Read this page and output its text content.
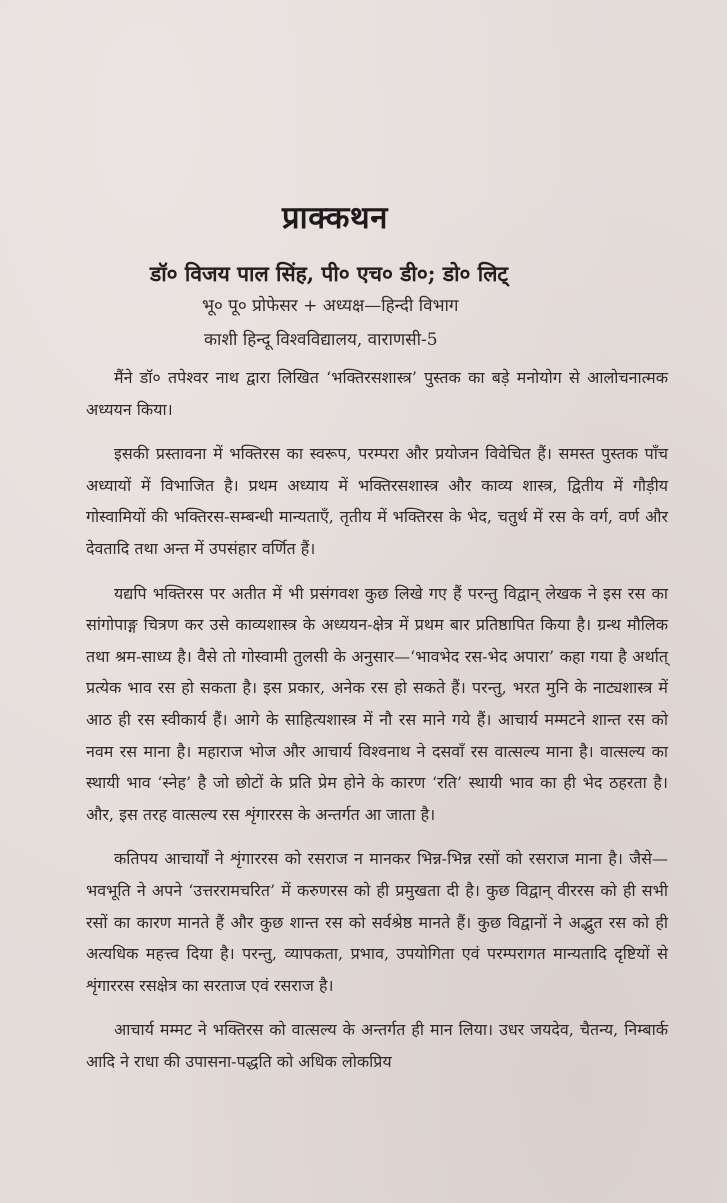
प्राक्कथन
डॉ० विजय पाल सिंह, पी० एच० डी०; डो० लिट्
भू० पू० प्रोफेसर + अध्यक्ष—हिन्दी विभाग
काशी हिन्दू विश्वविद्यालय, वाराणसी-5

मैंने डॉ० तपेश्वर नाथ द्वारा लिखित ‘भक्तिरसशास्त्र’ पुस्तक का बड़े मनोयोग से आलोचनात्मक अध्ययन किया।

इसकी प्रस्तावना में भक्तिरस का स्वरूप, परम्परा और प्रयोजन विवेचित हैं। समस्त पुस्तक पाँच अध्यायों में विभाजित है। प्रथम अध्याय में भक्तिरसशास्त्र और काव्य शास्त्र, द्वितीय में गौड़ीय गोस्वामियों की भक्तिरस-सम्बन्धी मान्यताएँ, तृतीय में भक्तिरस के भेद, चतुर्थ में रस के वर्ग, वर्ण और देवतादि तथा अन्त में उपसंहार वर्णित हैं।

यद्यपि भक्तिरस पर अतीत में भी प्रसंगवश कुछ लिखे गए हैं परन्तु विद्वान् लेखक ने इस रस का सांगोपाङ्ग चित्रण कर उसे काव्यशास्त्र के अध्ययन-क्षेत्र में प्रथम बार प्रतिष्ठापित किया है। ग्रन्थ मौलिक तथा श्रम-साध्य है। वैसे तो गोस्वामी तुलसी के अनुसार—‘भावभेद रस-भेद अपारा’ कहा गया है अर्थात् प्रत्येक भाव रस हो सकता है। इस प्रकार, अनेक रस हो सकते हैं। परन्तु, भरत मुनि के नाट्यशास्त्र में आठ ही रस स्वीकार्य हैं। आगे के साहित्यशास्त्र में नौ रस माने गये हैं। आचार्य मम्मटने शान्त रस को नवम रस माना है। महाराज भोज और आचार्य विश्वनाथ ने दसवाँ रस वात्सल्य माना है। वात्सल्य का स्थायी भाव ‘स्नेह’ है जो छोटों के प्रति प्रेम होने के कारण ‘रति’ स्थायी भाव का ही भेद ठहरता है। और, इस तरह वात्सल्य रस शृंगाररस के अन्तर्गत आ जाता है।

कतिपय आचार्यों ने शृंगाररस को रसराज न मानकर भिन्न-भिन्न रसों को रसराज माना है। जैसे—भवभूति ने अपने ‘उत्तररामचरित’ में करुणरस को ही प्रमुखता दी है। कुछ विद्वान् वीररस को ही सभी रसों का कारण मानते हैं और कुछ शान्त रस को सर्वश्रेष्ठ मानते हैं। कुछ विद्वानों ने अद्भुत रस को ही अत्यधिक महत्त्व दिया है। परन्तु, व्यापकता, प्रभाव, उपयोगिता एवं परम्परागत मान्यतादि दृष्टियों से शृंगाररस रसक्षेत्र का सरताज एवं रसराज है।

आचार्य मम्मट ने भक्तिरस को वात्सल्य के अन्तर्गत ही मान लिया। उधर जयदेव, चैतन्य, निम्बार्क आदि ने राधा की उपासना-पद्धति को अधिक लोकप्रिय
